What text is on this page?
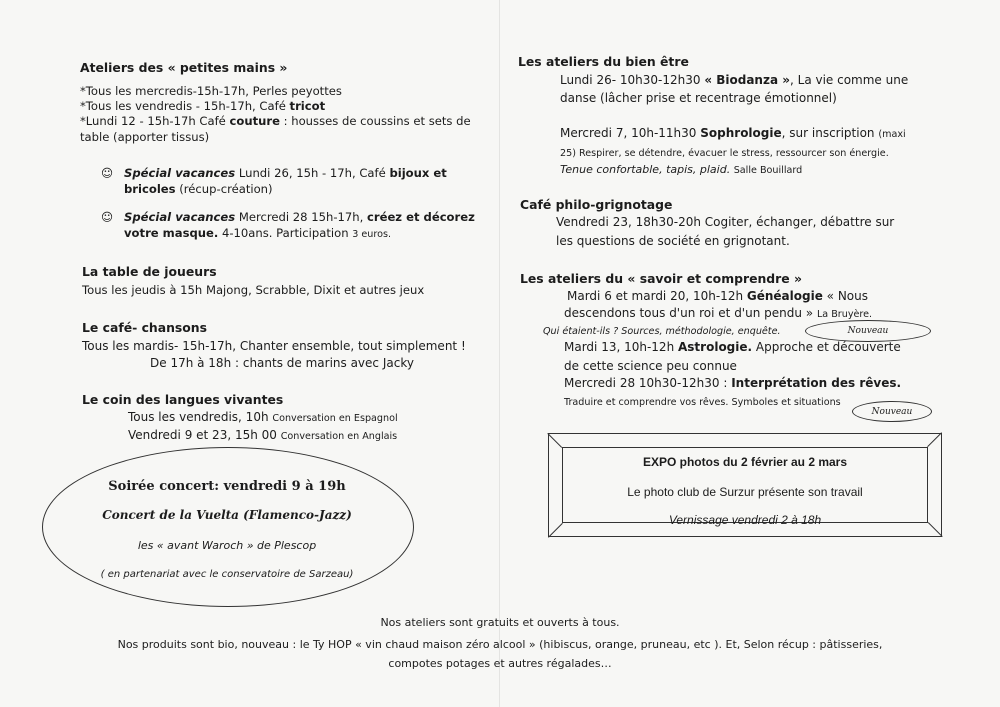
Ateliers des « petites mains »
*Tous les mercredis-15h-17h, Perles peyottes
*Tous les vendredis - 15h-17h, Café tricot
*Lundi 12 - 15h-17h Café couture : housses de coussins et sets de
table (apporter tissus)
☺ Spécial vacances Lundi 26, 15h - 17h, Café bijoux et
bricoles (récup-création)
☺ Spécial vacances Mercredi 28 15h-17h, créez et décorez
votre masque. 4-10ans. Participation 3 euros.
La table de joueurs
Tous les jeudis à 15h Majong, Scrabble, Dixit et autres jeux
Le café- chansons
Tous les mardis- 15h-17h, Chanter ensemble, tout simplement !
De 17h à 18h : chants de marins avec Jacky
Le coin des langues vivantes
Tous les vendredis, 10h Conversation en Espagnol
Vendredi 9 et 23, 15h 00 Conversation en Anglais
Soirée concert: vendredi 9 à 19h
Concert de la Vuelta (Flamenco-Jazz)
les « avant Waroch » de Plescop
( en partenariat avec le conservatoire de Sarzeau)
Les ateliers du bien être
Lundi 26- 10h30-12h30 « Biodanza », La vie comme une
danse (lâcher prise et recentrage émotionnel)
Mercredi 7, 10h-11h30 Sophrologie, sur inscription (maxi
25) Respirer, se détendre, évacuer le stress, ressourcer son énergie.
Tenue confortable, tapis, plaid. Salle Bouillard
Café philo-grignotage
Vendredi 23, 18h30-20h Cogiter, échanger, débattre sur
les questions de société en grignotant.
Les ateliers du « savoir et comprendre »
Mardi 6 et mardi 20, 10h-12h Généalogie « Nous
descendons tous d'un roi et d'un pendu » La Bruyère.
Qui étaient-ils ? Sources, méthodologie, enquête.	Nouveau
Mardi 13, 10h-12h Astrologie. Approche et découverte
de cette science peu connue
Mercredi 28 10h30-12h30 : Interprétation des rêves.
Traduire et comprendre vos rêves. Symboles et situations
Nouveau
EXPO photos du 2 février au 2 mars
Le photo club de Surzur présente son travail
Vernissage vendredi 2 à 18h
Nos ateliers sont gratuits et ouverts à tous.
Nos produits sont bio, nouveau : le Ty HOP « vin chaud maison zéro alcool » (hibiscus, orange, pruneau, etc ). Et, Selon récup : pâtisseries,
compotes potages et autres régalades…
